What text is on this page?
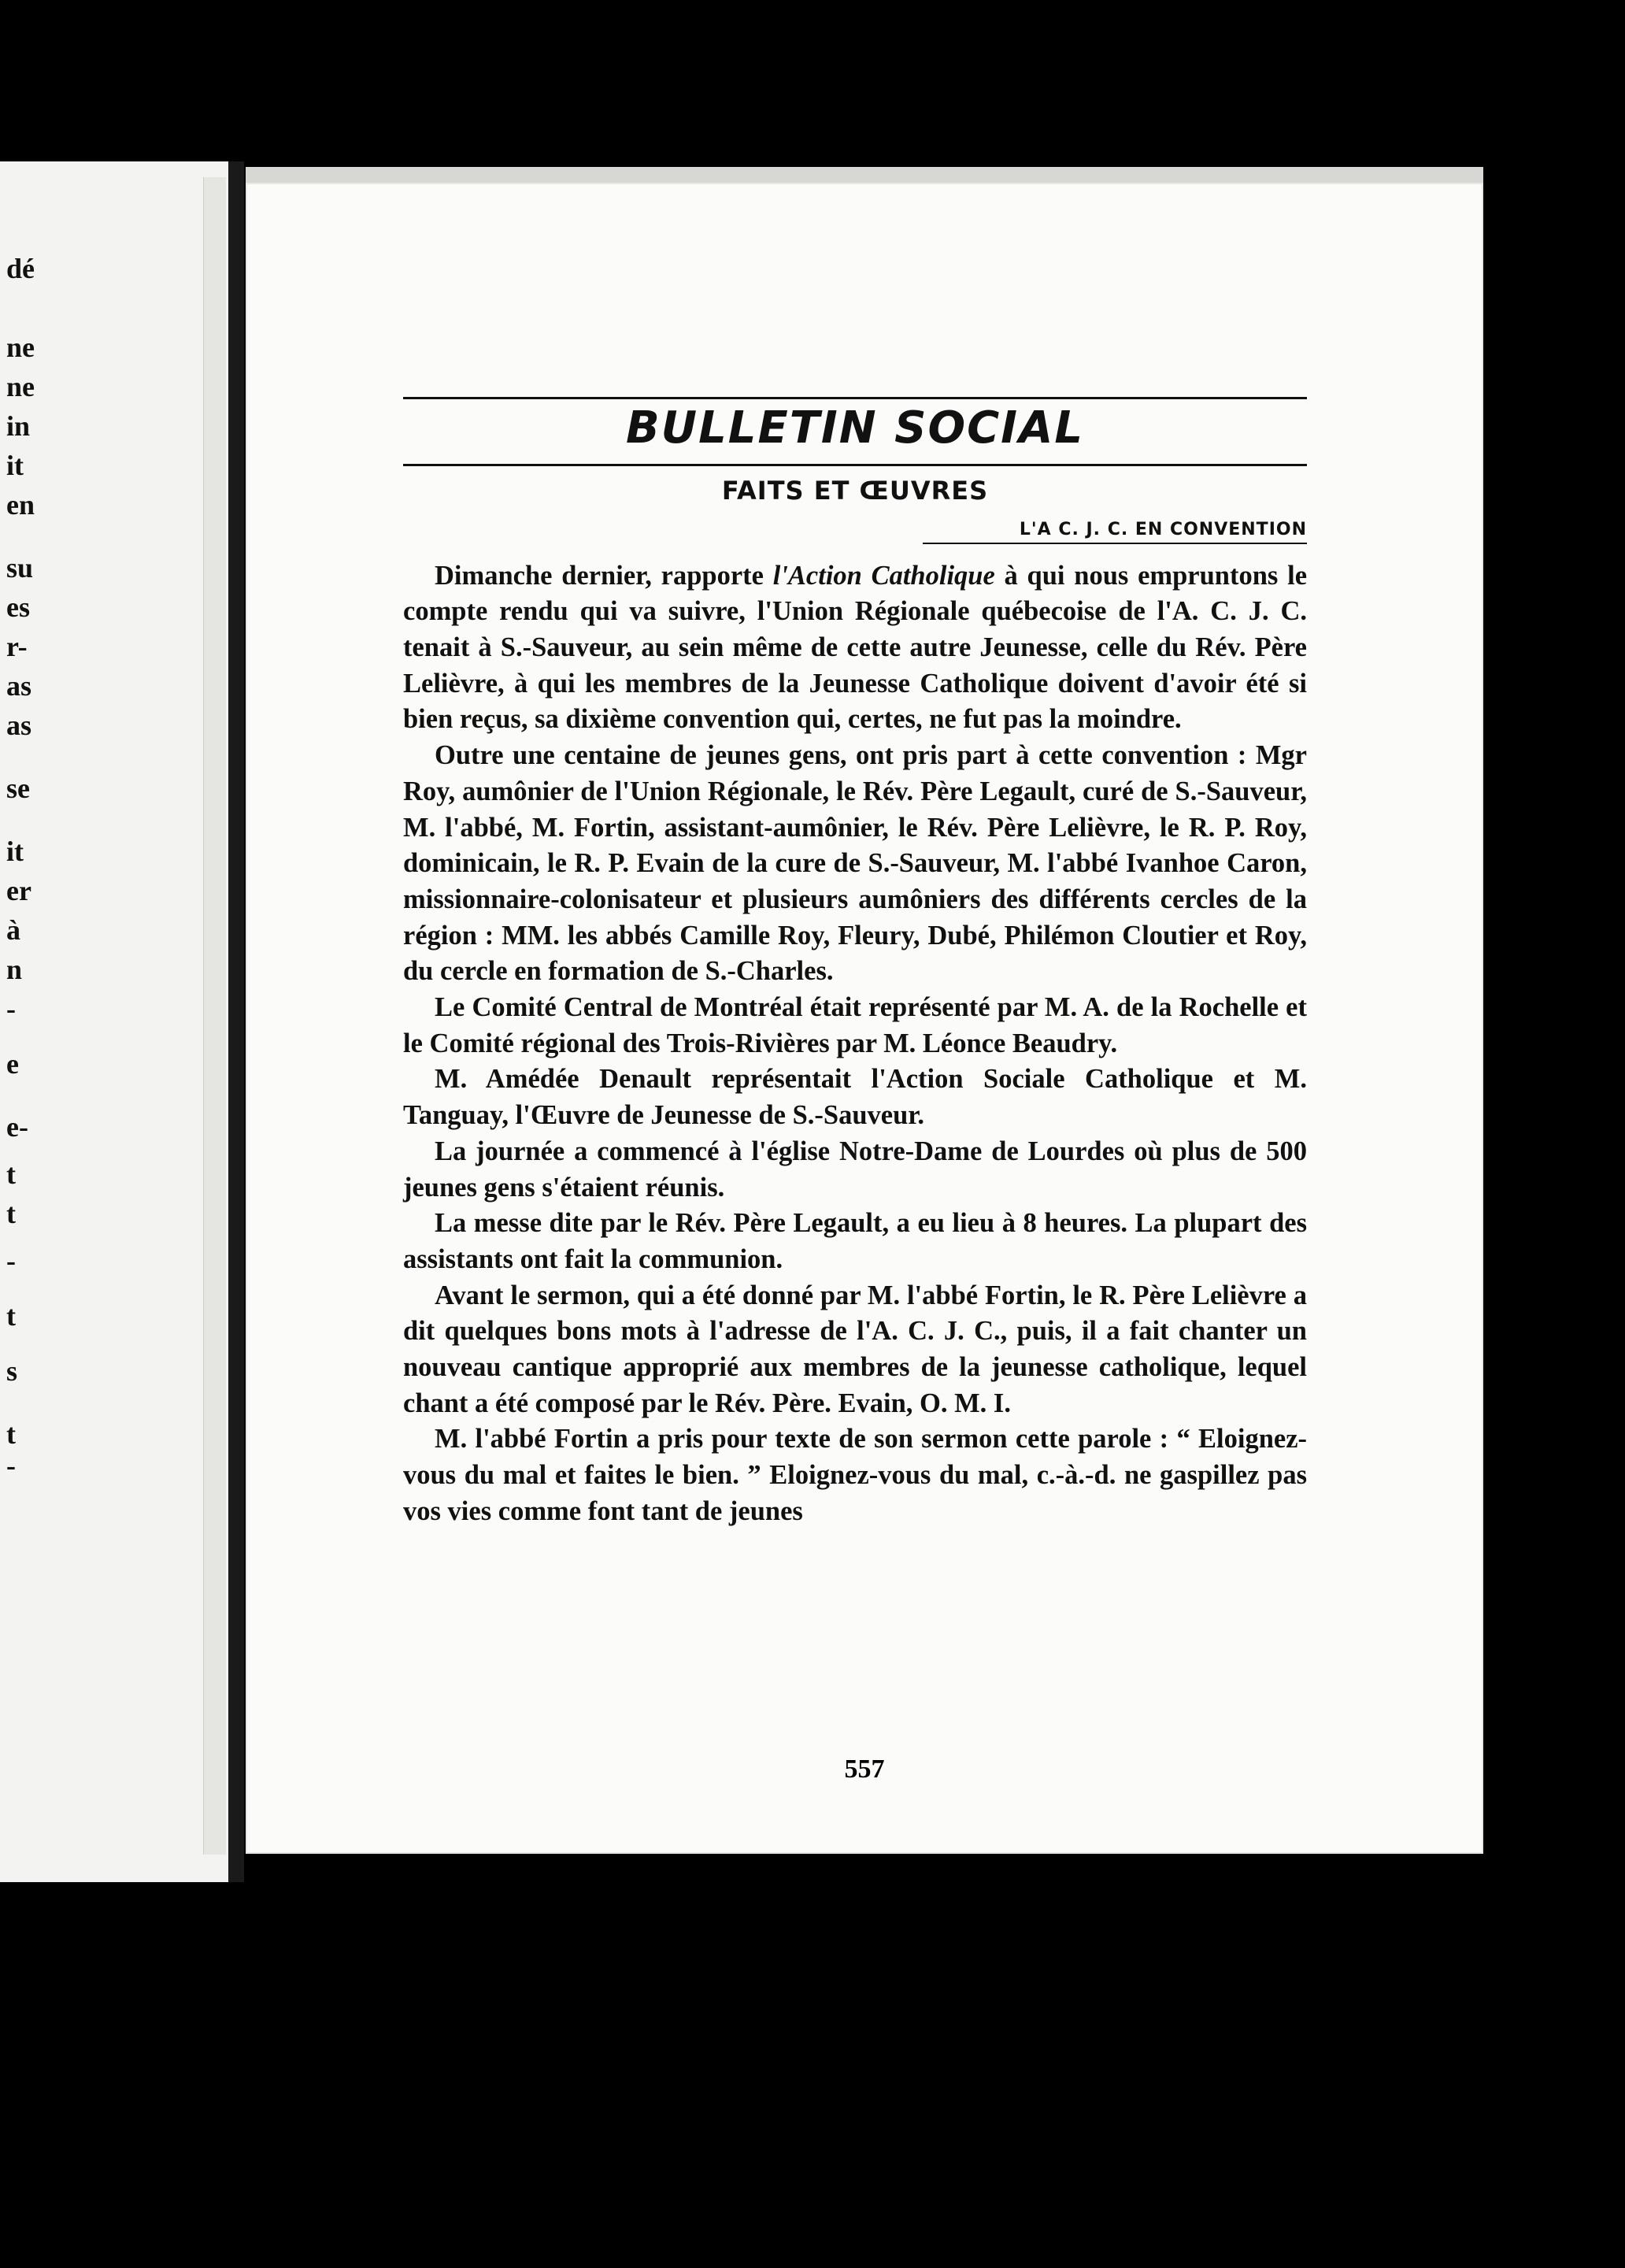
dé
ne
ne
in
it
en
su
es
r-
as
as
se
it
er
à
n
-
e
e-
t
t
-
t
s
t
-
BULLETIN SOCIAL
FAITS ET ŒUVRES
L'A C. J. C. EN CONVENTION

Dimanche dernier, rapporte l'Action Catholique à qui nous empruntons le compte rendu qui va suivre, l'Union Régionale québecoise de l'A. C. J. C. tenait à S.-Sauveur, au sein même de cette autre Jeunesse, celle du Rév. Père Lelièvre, à qui les membres de la Jeunesse Catholique doivent d'avoir été si bien reçus, sa dixième convention qui, certes, ne fut pas la moindre.

Outre une centaine de jeunes gens, ont pris part à cette convention : Mgr Roy, aumônier de l'Union Régionale, le Rév. Père Legault, curé de S.-Sauveur, M. l'abbé, M. Fortin, assistant-aumônier, le Rév. Père Lelièvre, le R. P. Roy, dominicain, le R. P. Evain de la cure de S.-Sauveur, M. l'abbé Ivanhoe Caron, missionnaire-colonisateur et plusieurs aumôniers des différents cercles de la région : MM. les abbés Camille Roy, Fleury, Dubé, Philémon Cloutier et Roy, du cercle en formation de S.-Charles.

Le Comité Central de Montréal était représenté par M. A. de la Rochelle et le Comité régional des Trois-Rivières par M. Léonce Beaudry.

M. Amédée Denault représentait l'Action Sociale Catholique et M. Tanguay, l'Œuvre de Jeunesse de S.-Sauveur.

La journée a commencé à l'église Notre-Dame de Lourdes où plus de 500 jeunes gens s'étaient réunis.

La messe dite par le Rév. Père Legault, a eu lieu à 8 heures. La plupart des assistants ont fait la communion.

Avant le sermon, qui a été donné par M. l'abbé Fortin, le R. Père Lelièvre a dit quelques bons mots à l'adresse de l'A. C. J. C., puis, il a fait chanter un nouveau cantique approprié aux membres de la jeunesse catholique, lequel chant a été composé par le Rév. Père. Evain, O. M. I.

M. l'abbé Fortin a pris pour texte de son sermon cette parole : “ Eloignez-vous du mal et faites le bien. ” Eloignez-vous du mal, c.-à.-d. ne gaspillez pas vos vies comme font tant de jeunes

557
